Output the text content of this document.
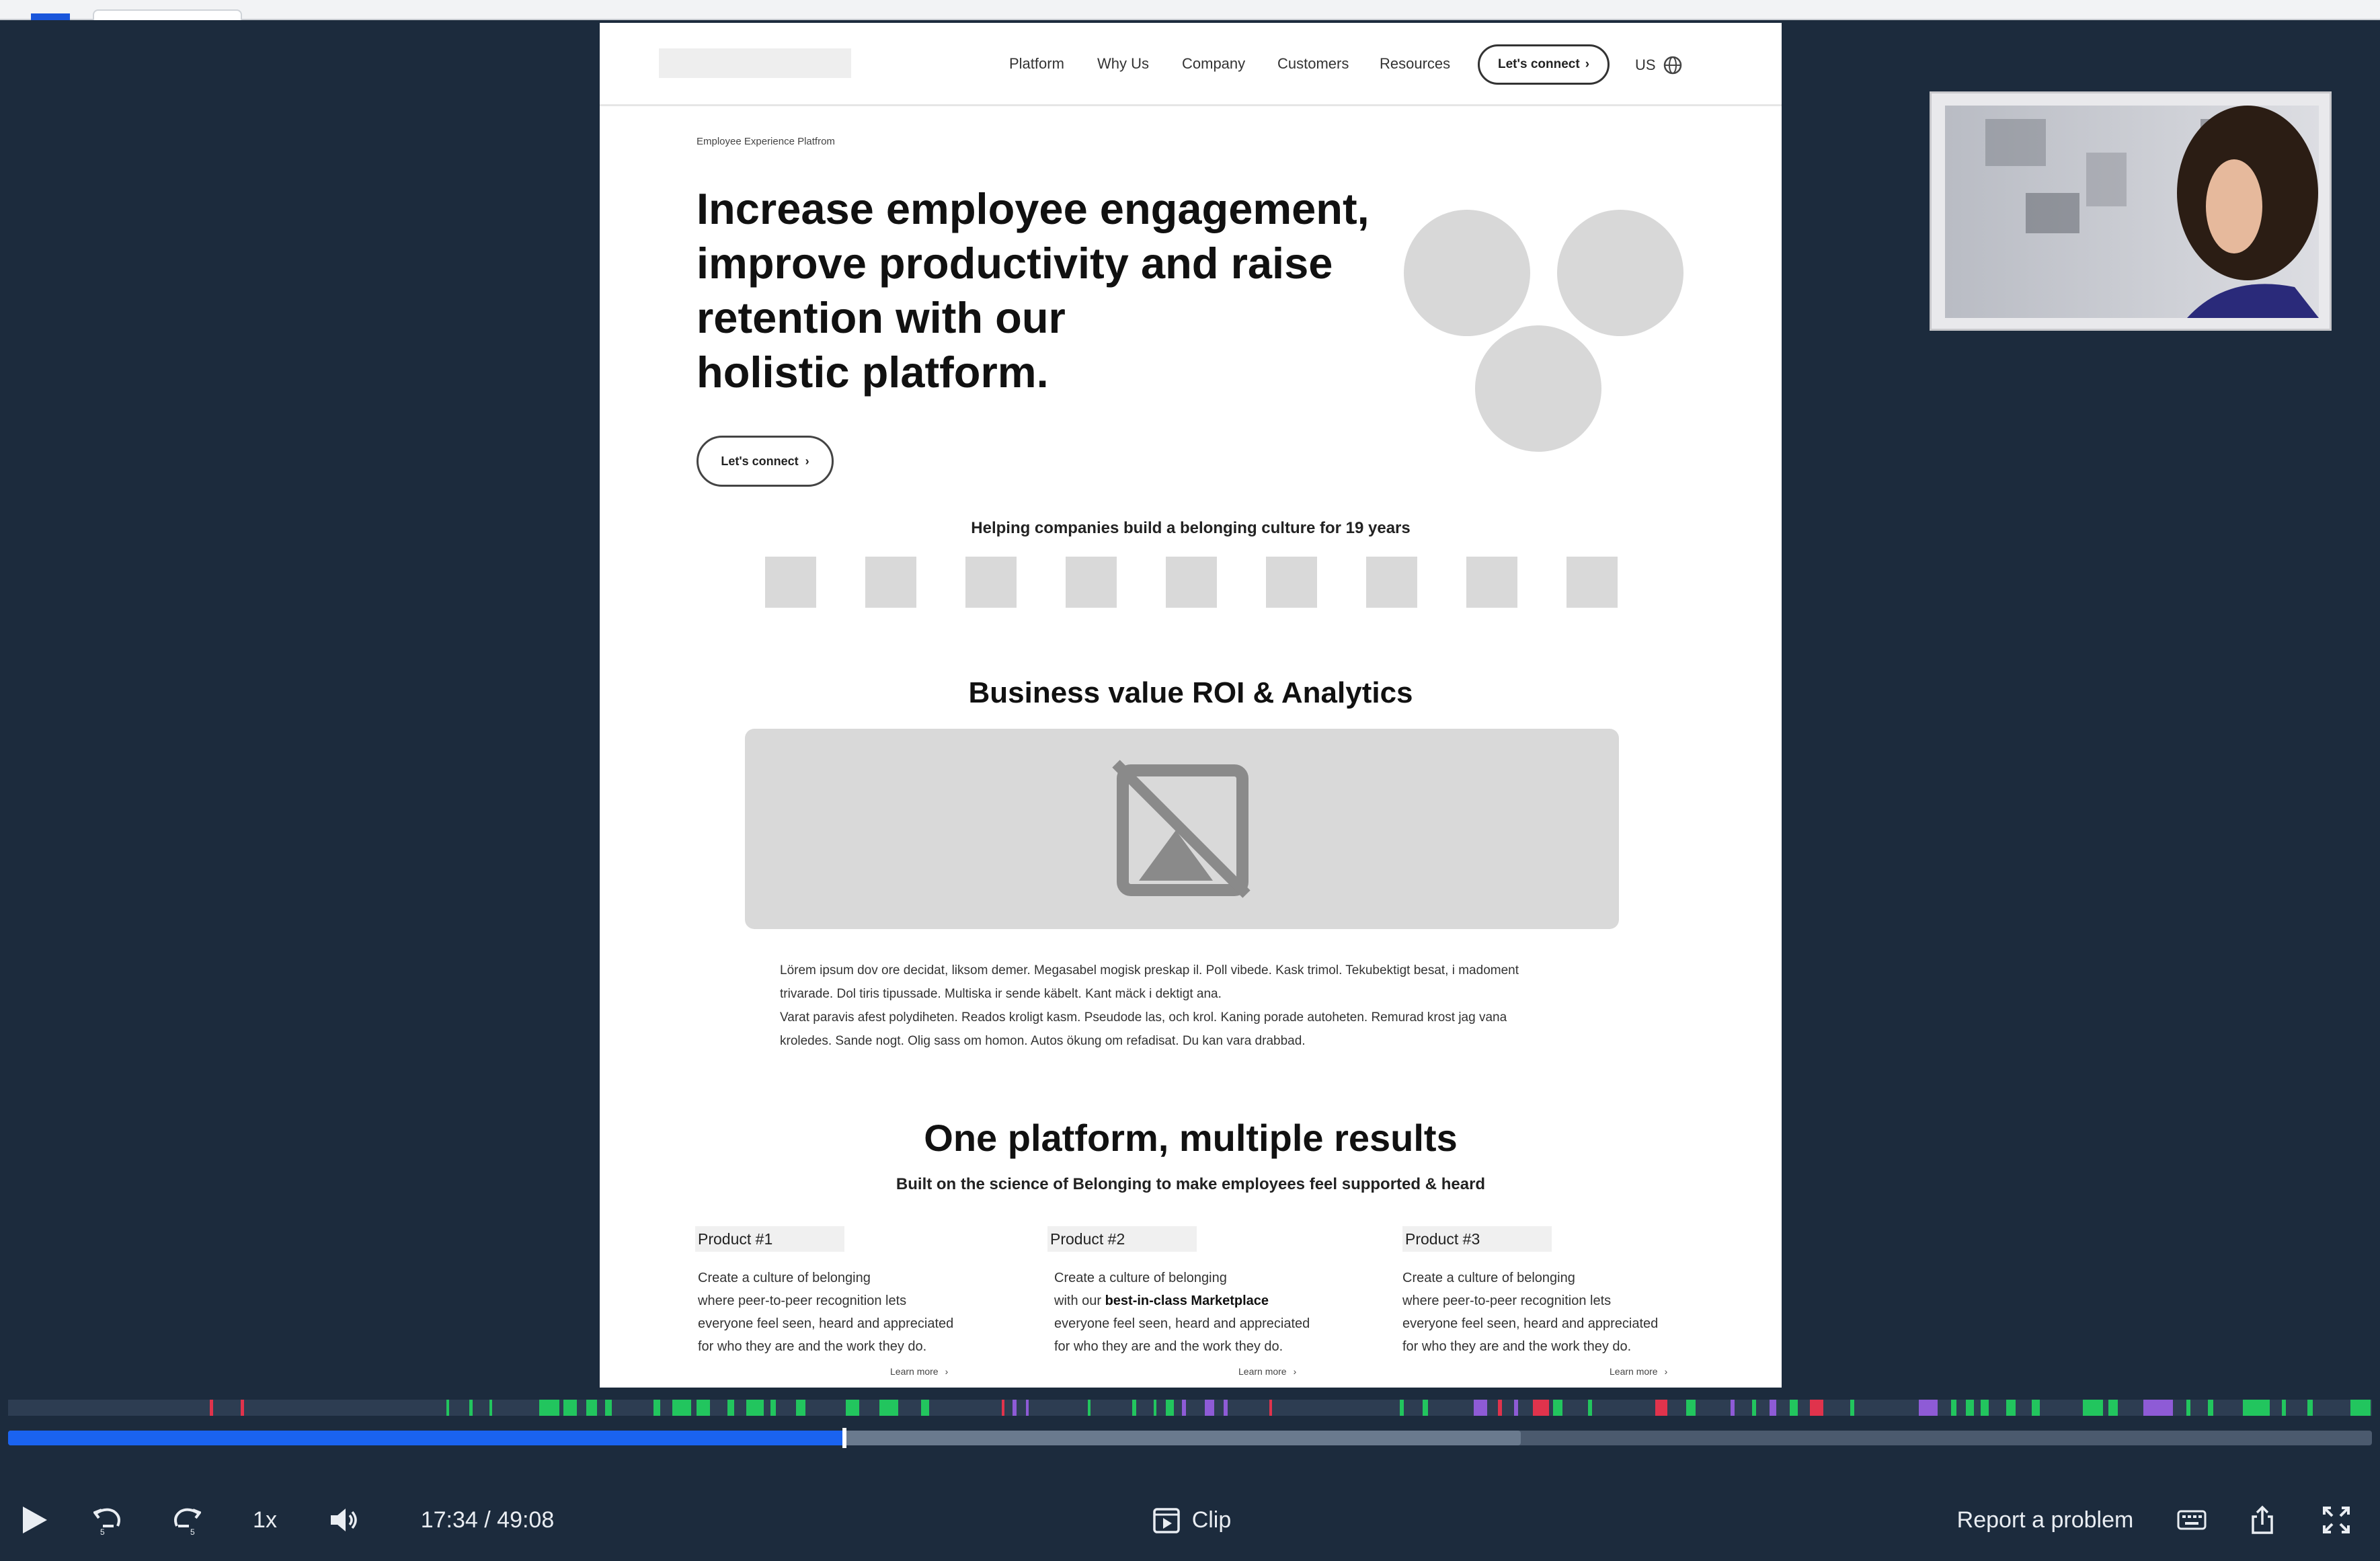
Platform Why Us Company Customers Resources	Let's connect ›	US
Employee Experience Platfrom
Increase employee engagement,
improve productivity and raise
retention with our
holistic platform.
Let's connect ›
Helping companies build a belonging culture for 19 years
Business value ROI & Analytics

Lörem ipsum dov ore decidat, liksom demer. Megasabel mogisk preskap il. Poll vibede. Kask trimol. Tekubektigt besat, i madoment

trivarade. Dol tiris tipussade. Multiska ir sende käbelt. Kant mäck i dektigt ana.

Varat paravis afest polydiheten. Reados kroligt kasm. Pseudode las, och krol. Kaning porade autoheten. Remurad krost jag vana

kroledes. Sande nogt. Olig sass om homon. Autos ökung om refadisat. Du kan vara drabbad.

One platform, multiple results
Built on the science of Belonging to make employees feel supported & heard
Product #1
Create a culture of belonging
where peer-to-peer recognition lets
everyone feel seen, heard and appreciated
for who they are and the work they do.
Learn more ›
Product #2
Create a culture of belonging
with our best-in-class Marketplace
everyone feel seen, heard and appreciated
for who they are and the work they do.
Learn more ›
Product #3
Create a culture of belonging
where peer-to-peer recognition lets
everyone feel seen, heard and appreciated
for who they are and the work they do.
Learn more ›
5	5	1x	17:34 / 49:08	Clip	Report a problem
